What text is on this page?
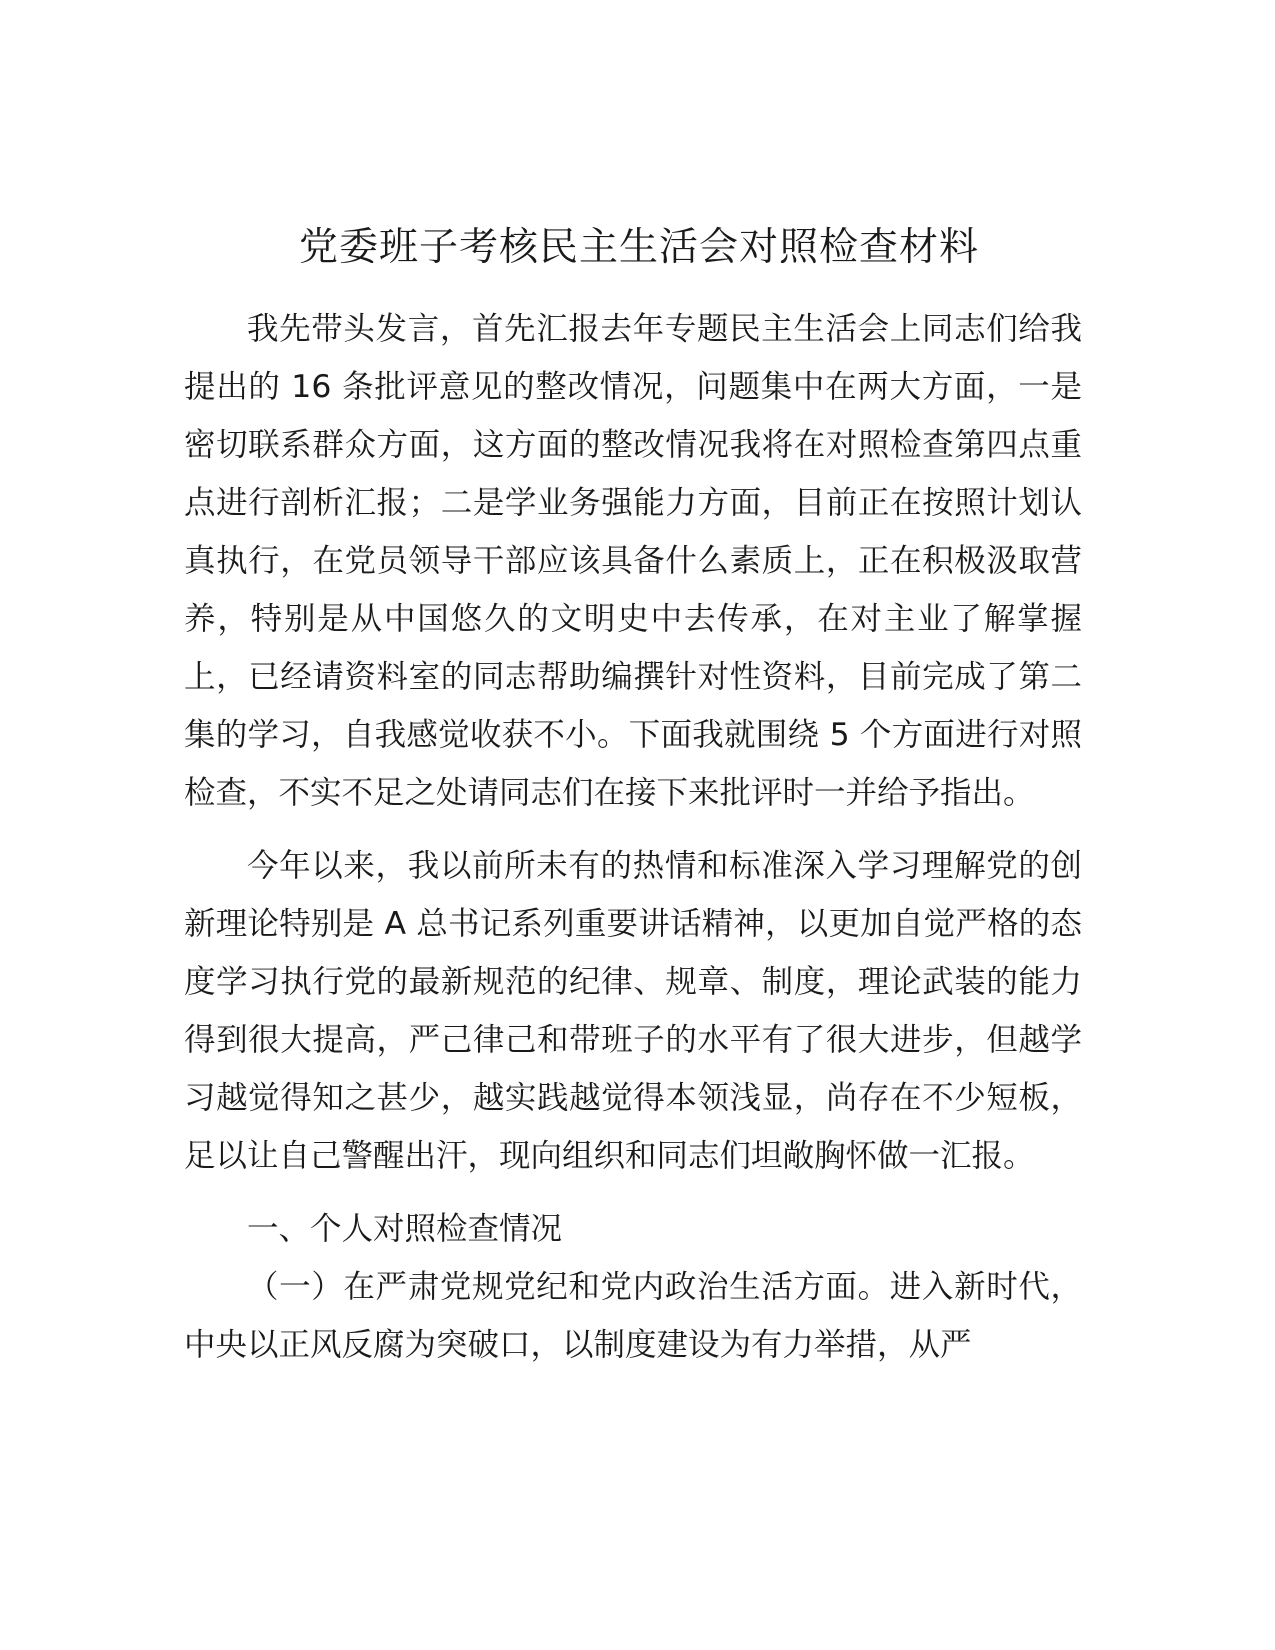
党委班子考核民主生活会对照检查材料

我先带头发言，首先汇报去年专题民主生活会上同志们给我提出的 16 条批评意见的整改情况，问题集中在两大方面，一是密切联系群众方面，这方面的整改情况我将在对照检查第四点重点进行剖析汇报；二是学业务强能力方面，目前正在按照计划认真执行，在党员领导干部应该具备什么素质上，正在积极汲取营养，特别是从中国悠久的文明史中去传承，在对主业了解掌握上，已经请资料室的同志帮助编撰针对性资料，目前完成了第二集的学习，自我感觉收获不小。下面我就围绕 5 个方面进行对照检查，不实不足之处请同志们在接下来批评时一并给予指出。

今年以来，我以前所未有的热情和标准深入学习理解党的创新理论特别是 A 总书记系列重要讲话精神，以更加自觉严格的态度学习执行党的最新规范的纪律、规章、制度，理论武装的能力得到很大提高，严己律己和带班子的水平有了很大进步，但越学习越觉得知之甚少，越实践越觉得本领浅显，尚存在不少短板，足以让自己警醒出汗，现向组织和同志们坦敞胸怀做一汇报。

一、个人对照检查情况

（一）在严肃党规党纪和党内政治生活方面。进入新时代，中央以正风反腐为突破口，以制度建设为有力举措，从严
